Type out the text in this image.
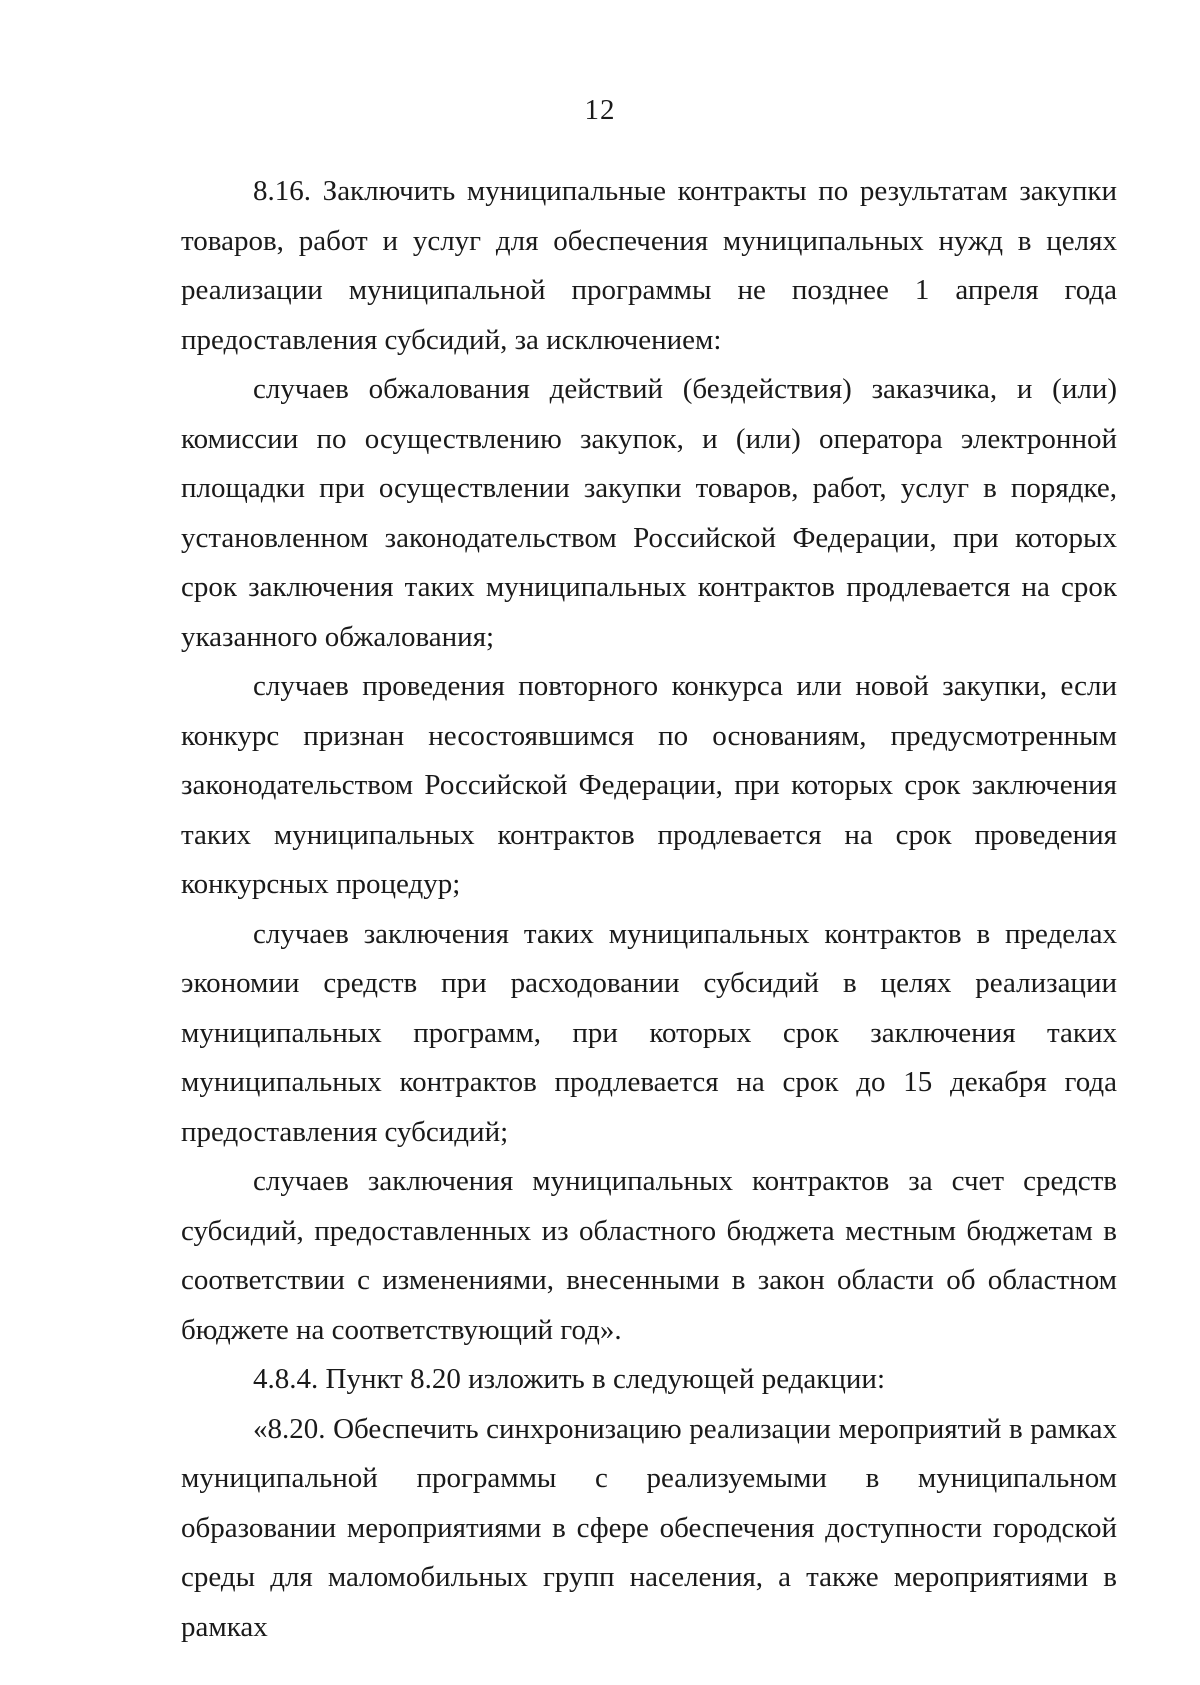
12

8.16. Заключить муниципальные контракты по результатам закупки товаров, работ и услуг для обеспечения муниципальных нужд в целях реализации муниципальной программы не позднее 1 апреля года предоставления субсидий, за исключением:

случаев обжалования действий (бездействия) заказчика, и (или) комиссии по осуществлению закупок, и (или) оператора электронной площадки при осуществлении закупки товаров, работ, услуг в порядке, установленном законодательством Российской Федерации, при которых срок заключения таких муниципальных контрактов продлевается на срок указанного обжалования;

случаев проведения повторного конкурса или новой закупки, если конкурс признан несостоявшимся по основаниям, предусмотренным законодательством Российской Федерации, при которых срок заключения таких муниципальных контрактов продлевается на срок проведения конкурсных процедур;

случаев заключения таких муниципальных контрактов в пределах экономии средств при расходовании субсидий в целях реализации муниципальных программ, при которых срок заключения таких муниципальных контрактов продлевается на срок до 15 декабря года предоставления субсидий;

случаев заключения муниципальных контрактов за счет средств субсидий, предоставленных из областного бюджета местным бюджетам в соответствии с изменениями, внесенными в закон области об областном бюджете на соответствующий год».

4.8.4. Пункт 8.20 изложить в следующей редакции:

«8.20. Обеспечить синхронизацию реализации мероприятий в рамках муниципальной программы с реализуемыми в муниципальном образовании мероприятиями в сфере обеспечения доступности городской среды для маломобильных групп населения, а также мероприятиями в рамках
